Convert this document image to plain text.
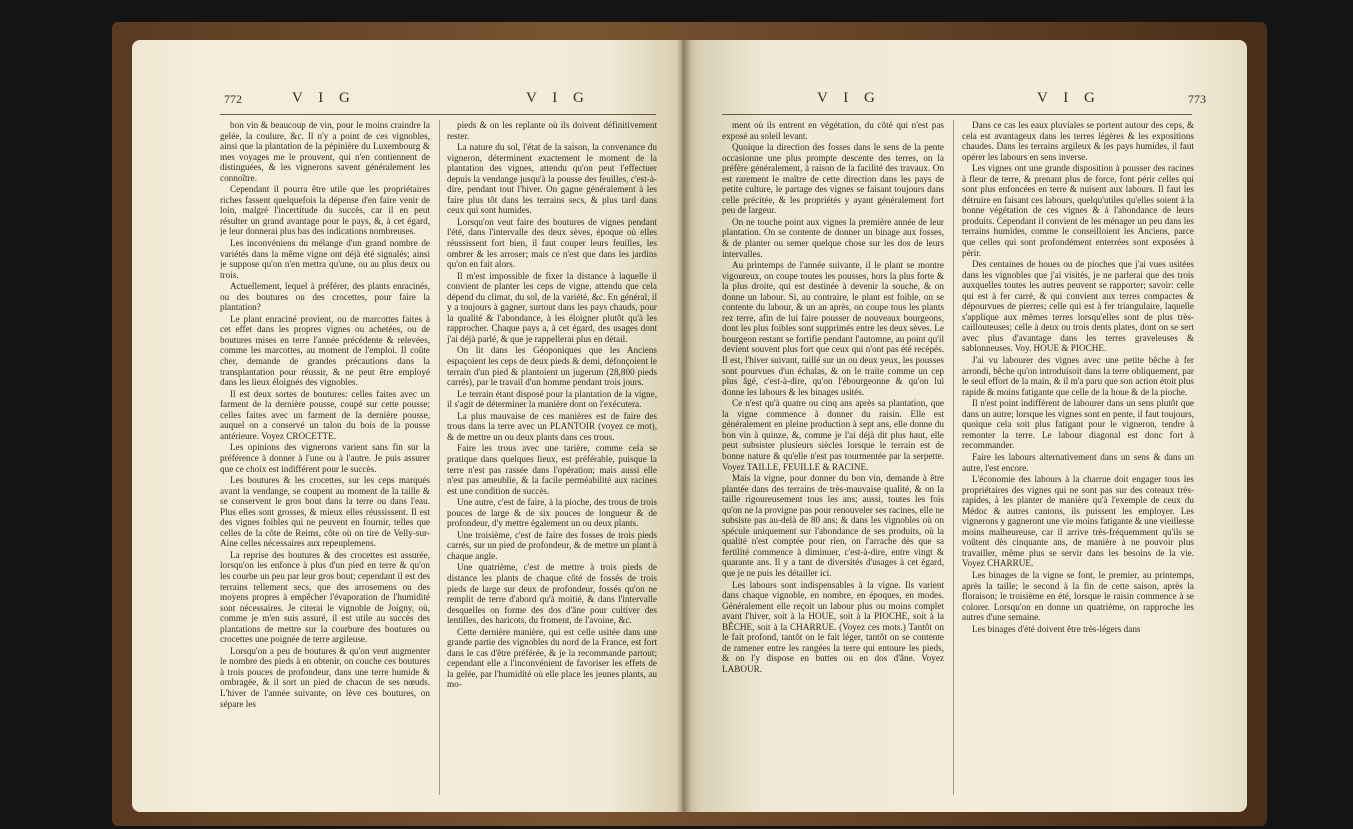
772	V I G	V I G

bon vin & beaucoup de vin, pour le moins craindre la gelée, la coulure, &c. Il n'y a point de ces vignobles, ainsi que la plantation de la pépinière du Luxembourg & mes voyages me le prouvent, qui n'en contiennent de distinguées, & les vignerons savent généralement les connoître.

Cependant il pourra être utile que les propriétaires riches fassent quelquefois la dépense d'en faire venir de loin, malgré l'incertitude du succès, car il en peut résulter un grand avantage pour le pays, &, à cet égard, je leur donnerai plus bas des indications nombreuses.

Les inconvéniens du mélange d'un grand nombre de variétés dans la même vigne ont déjà été signalés; ainsi je suppose qu'on n'en mettra qu'une, ou au plus deux ou trois.

Actuellement, lequel à préférer, des plants enracinés, ou des boutures ou des crocettes, pour faire la plantation?

Le plant enraciné provient, ou de marcottes faites à cet effet dans les propres vignes ou achetées, ou de boutures mises en terre l'année précédente & relevées, comme les marcottes, au moment de l'emploi. Il coûte cher, demande de grandes précautions dans la transplantation pour réussir, & ne peut être employé dans les lieux éloignés des vignobles.

Il est deux sortes de boutures: celles faites avec un farment de la dernière pousse, coupé sur cette pousse; celles faites avec un farment de la dernière pousse, auquel on a conservé un talon du bois de la pousse antérieure. Voyez CROCETTE.

Les opinions des vignerons varient sans fin sur la préférence à donner à l'une ou à l'autre. Je puis assurer que ce choix est indifférent pour le succès.

Les boutures & les crocettes, sur les ceps marqués avant la vendange, se coupent au moment de la taille & se conservent le gros bout dans la terre ou dans l'eau. Plus elles sont grosses, & mieux elles réussissent. Il est des vignes foibles qui ne peuvent en fournir, telles que celles de la côte de Reims, côte où on tire de Velly-sur-Aine celles nécessaires aux repeuplemens.

La reprise des boutures & des crocettes est assurée, lorsqu'on les enfonce à plus d'un pied en terre & qu'on les courbe un peu par leur gros bout; cependant il est des terrains tellement secs, que des arrosemens ou des moyens propres à empêcher l'évaporation de l'humidité sont nécessaires. Je citerai le vignoble de Joigny, où, comme je m'en suis assuré, il est utile au succès des plantations de mettre sur la courbure des boutures ou crocettes une poignée de terre argileuse.

Lorsqu'on a peu de boutures & qu'on veut augmenter le nombre des pieds à en obtenir, on couche ces boutures à trois pouces de profondeur, dans une terre humide & ombragée, & il sort un pied de chacun de ses nœuds. L'hiver de l'année suivante, on lève ces boutures, on sépare les

pieds & on les replante où ils doivent définitivement rester.

La nature du sol, l'état de la saison, la convenance du vigneron, déterminent exactement le moment de la plantation des vignes, attendu qu'on peut l'effectuer depuis la vendange jusqu'à la pousse des feuilles, c'est-à-dire, pendant tout l'hiver. On gagne généralement à les faire plus tôt dans les terrains secs, & plus tard dans ceux qui sont humides.

Lorsqu'on veut faire des boutures de vignes pendant l'été, dans l'intervalle des deux sèves, époque où elles réussissent fort bien, il faut couper leurs feuilles, les ombrer & les arroser; mais ce n'est que dans les jardins qu'on en fait alors.

Il m'est impossible de fixer la distance à laquelle il convient de planter les ceps de vigne, attendu que cela dépend du climat, du sol, de la variété, &c. En général, il y a toujours à gagner, surtout dans les pays chauds, pour la qualité & l'abondance, à les éloigner plutôt qu'à les rapprocher. Chaque pays a, à cet égard, des usages dont j'ai déjà parlé, & que je rappellerai plus en détail.

On lit dans les Géoponiques que les Anciens espaçoient les ceps de deux pieds & demi, défonçoient le terrain d'un pied & plantoient un jugerum (28,800 pieds carrés), par le travail d'un homme pendant trois jours.

Le terrain étant disposé pour la plantation de la vigne, il s'agit de déterminer la manière dont on l'exécutera.

La plus mauvaise de ces manières est de faire des trous dans la terre avec un PLANTOIR (voyez ce mot), & de mettre un ou deux plants dans ces trous.

Faire les trous avec une tarière, comme cela se pratique dans quelques lieux, est préférable, puisque la terre n'est pas rassée dans l'opération; mais aussi elle n'est pas ameublie, & la facile perméabilité aux racines est une condition de succès.

Une autre, c'est de faire, à la pioche, des trous de trois pouces de large & de six pouces de longueur & de profondeur, d'y mettre également un ou deux plants.

Une troisième, c'est de faire des fosses de trois pieds carrés, sur un pied de profondeur, & de mettre un plant à chaque angle.

Une quatrième, c'est de mettre à trois pieds de distance les plants de chaque côté de fossés de trois pieds de large sur deux de profondeur, fossés qu'on ne remplit de terre d'abord qu'à moitié, & dans l'intervalle desquelles on forme des dos d'âne pour cultiver des lentilles, des haricots, du froment, de l'avoine, &c.

Cette dernière manière, qui est celle usitée dans une grande partie des vignobles du nord de la France, est fort dans le cas d'être préférée, & je la recommande partout; cependant elle a l'inconvénient de favoriser les effets de la gelée, par l'humidité où elle place les jeunes plants, au mo-

V I G	V I G	773

ment où ils entrent en végétation, du côté qui n'est pas exposé au soleil levant.

Quoique la direction des fosses dans le sens de la pente occasionne une plus prompte descente des terres, on la préfère généralement, à raison de la facilité des travaux. On est rarement le maître de cette direction dans les pays de petite culture, le partage des vignes se faisant toujours dans celle précitée, & les propriétés y ayant généralement fort peu de largeur.

On ne touche point aux vignes la première année de leur plantation. On se contente de donner un binage aux fosses, & de planter ou semer quelque chose sur les dos de leurs intervalles.

Au printemps de l'année suivante, il le plant se montre vigoureux, on coupe toutes les pousses, hors la plus forte & la plus droite, qui est destinée à devenir la souche, & on donne un labour. Si, au contraire, le plant est foible, on se contente du labour, & un an après, on coupe tous les plants rez terre, afin de lui faire pousser de nouveaux bourgeons, dont les plus foibles sont supprimés entre les deux sèves. Le bourgeon restant se fortifie pendant l'automne, au point qu'il devient souvent plus fort que ceux qui n'ont pas été recépés. Il est, l'hiver suivant, taillé sur un ou deux yeux, les pousses sont pourvues d'un échalas, & on le traite comme un cep plus âgé, c'est-à-dire, qu'on l'ébourgeonne & qu'on lui donne les labours & les binages usités.

Ce n'est qu'à quatre ou cinq ans après sa plantation, que la vigne commence à donner du raisin. Elle est généralement en pleine production à sept ans, elle donne du bon vin à quinze, &, comme je l'ai déjà dit plus haut, elle peut subsister plusieurs siècles lorsque le terrain est de bonne nature & qu'elle n'est pas tourmentée par la serpette. Voyez TAILLE, FEUILLE & RACINE.

Mais la vigne, pour donner du bon vin, demande à être plantée dans des terrains de très-mauvaise qualité, & on la taille rigoureusement tous les ans; aussi, toutes les fois qu'on ne la provigne pas pour renouveler ses racines, elle ne subsiste pas au-delà de 80 ans; & dans les vignobles où on spécule uniquement sur l'abondance de ses produits, où la qualité n'est comptée pour rien, on l'arrache dès que sa fertilité commence à diminuer, c'est-à-dire, entre vingt & quarante ans. Il y a tant de diversités d'usages à cet égard, que je ne puis les détailler ici.

Les labours sont indispensables à la vigne. Ils varient dans chaque vignoble, en nombre, en époques, en modes. Généralement elle reçoit un labour plus ou moins complet avant l'hiver, soit à la HOUE, soit à la PIOCHE, soit à la BÊCHE, soit à la CHARRUE. (Voyez ces mots.) Tantôt on le fait profond, tantôt on le fait léger, tantôt on se contente de ramener entre les rangées la terre qui entoure les pieds, & on l'y dispose en buttes ou en dos d'âne. Voyez LABOUR.

Dans ce cas les eaux pluviales se portent autour des ceps, & cela est avantageux dans les terres légères & les expositions chaudes. Dans les terrains argileux & les pays humides, il faut opérer les labours en sens inverse.

Les vignes ont une grande disposition à pousser des racines à fleur de terre, & prenant plus de force, font périr celles qui sont plus enfoncées en terre & nuisent aux labours. Il faut les détruire en faisant ces labours, quelqu'utiles qu'elles soient à la bonne végétation de ces vignes & à l'abondance de leurs produits. Cependant il convient de les ménager un peu dans les terrains humides, comme le conseilloient les Anciens, parce que celles qui sont profondément enterrées sont exposées à périr.

Des centaines de houes ou de pioches que j'ai vues usitées dans les vignobles que j'ai visités, je ne parlerai que des trois auxquelles toutes les autres peuvent se rapporter; savoir: celle qui est à fer carré, & qui convient aux terres compactes & dépourvues de pierres; celle qui est à fer triangulaire, laquelle s'applique aux mêmes terres lorsqu'elles sont de plus très-caillouteuses; celle à deux ou trois dents plates, dont on se sert avec plus d'avantage dans les terres graveleuses & sablonneuses. Voy. HOUE & PIOCHE.

J'ai vu labourer des vignes avec une petite bêche à fer arrondi, bêche qu'on introduisoit dans la terre obliquement, par le seul effort de la main, & il m'a paru que son action étoit plus rapide & moins fatigante que celle de la houe & de la pioche.

Il n'est point indifférent de labourer dans un sens plutôt que dans un autre; lorsque les vignes sont en pente, il faut toujours, quoique cela soit plus fatigant pour le vigneron, tendre à remonter la terre. Le labour diagonal est donc fort à recommander.

Faire les labours alternativement dans un sens & dans un autre, l'est encore.

L'économie des labours à la charrue doit engager tous les propriétaires des vignes qui ne sont pas sur des coteaux très-rapides, à les planter de manière qu'à l'exemple de ceux du Médoc & autres cantons, ils puissent les employer. Les vignerons y gagneront une vie moins fatigante & une vieillesse moins malheureuse, car il arrive très-fréquemment qu'ils se voûtent dès cinquante ans, de manière à ne pouvoir plus travailler, même plus se servir dans les besoins de la vie. Voyez CHARRUE.

Les binages de la vigne se font, le premier, au printemps, après la taille; le second à la fin de cette saison, après la floraison; le troisième en été, lorsque le raisin commence à se colorer. Lorsqu'on en donne un quatrième, on rapproche les autres d'une semaine.

Les binages d'été doivent être très-légers dans
